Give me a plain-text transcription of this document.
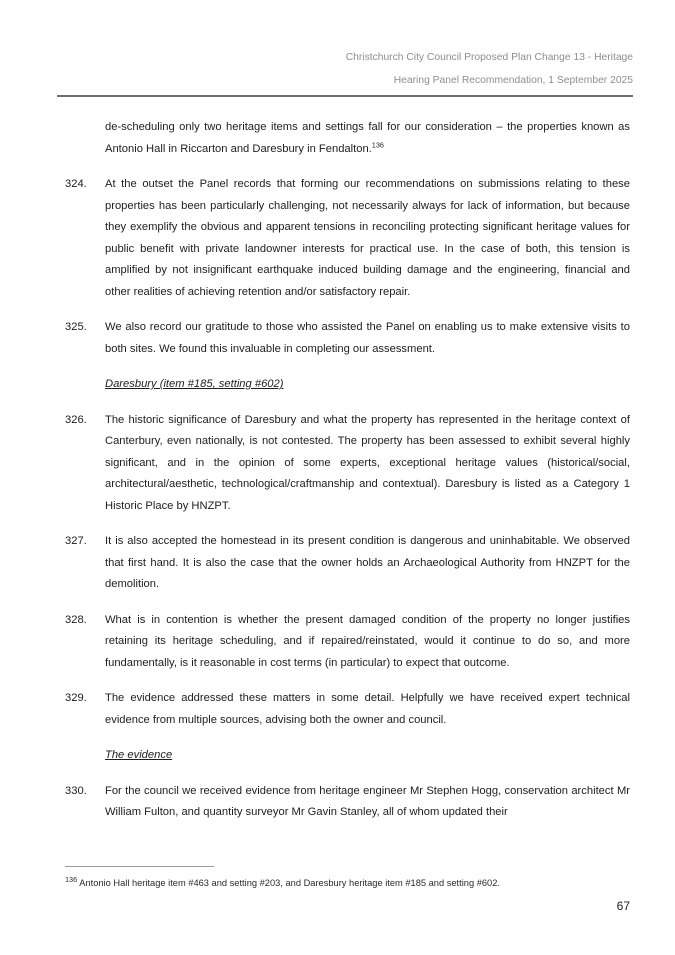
Christchurch City Council Proposed Plan Change 13 - Heritage
Hearing Panel Recommendation, 1 September 2025
de-scheduling only two heritage items and settings fall for our consideration – the properties known as Antonio Hall in Riccarton and Daresbury in Fendalton.$^{136}$
324.	At the outset the Panel records that forming our recommendations on submissions relating to these properties has been particularly challenging, not necessarily always for lack of information, but because they exemplify the obvious and apparent tensions in reconciling protecting significant heritage values for public benefit with private landowner interests for practical use. In the case of both, this tension is amplified by not insignificant earthquake induced building damage and the engineering, financial and other realities of achieving retention and/or satisfactory repair.
325.	We also record our gratitude to those who assisted the Panel on enabling us to make extensive visits to both sites. We found this invaluable in completing our assessment.
Daresbury (item #185, setting #602)
326.	The historic significance of Daresbury and what the property has represented in the heritage context of Canterbury, even nationally, is not contested. The property has been assessed to exhibit several highly significant, and in the opinion of some experts, exceptional heritage values (historical/social, architectural/aesthetic, technological/craftmanship and contextual). Daresbury is listed as a Category 1 Historic Place by HNZPT.
327.	It is also accepted the homestead in its present condition is dangerous and uninhabitable. We observed that first hand. It is also the case that the owner holds an Archaeological Authority from HNZPT for the demolition.
328.	What is in contention is whether the present damaged condition of the property no longer justifies retaining its heritage scheduling, and if repaired/reinstated, would it continue to do so, and more fundamentally, is it reasonable in cost terms (in particular) to expect that outcome.
329.	The evidence addressed these matters in some detail. Helpfully we have received expert technical evidence from multiple sources, advising both the owner and council.
The evidence
330.	For the council we received evidence from heritage engineer Mr Stephen Hogg, conservation architect Mr William Fulton, and quantity surveyor Mr Gavin Stanley, all of whom updated their
$^{136}$ Antonio Hall heritage item #463 and setting #203, and Daresbury heritage item #185 and setting #602.
67
